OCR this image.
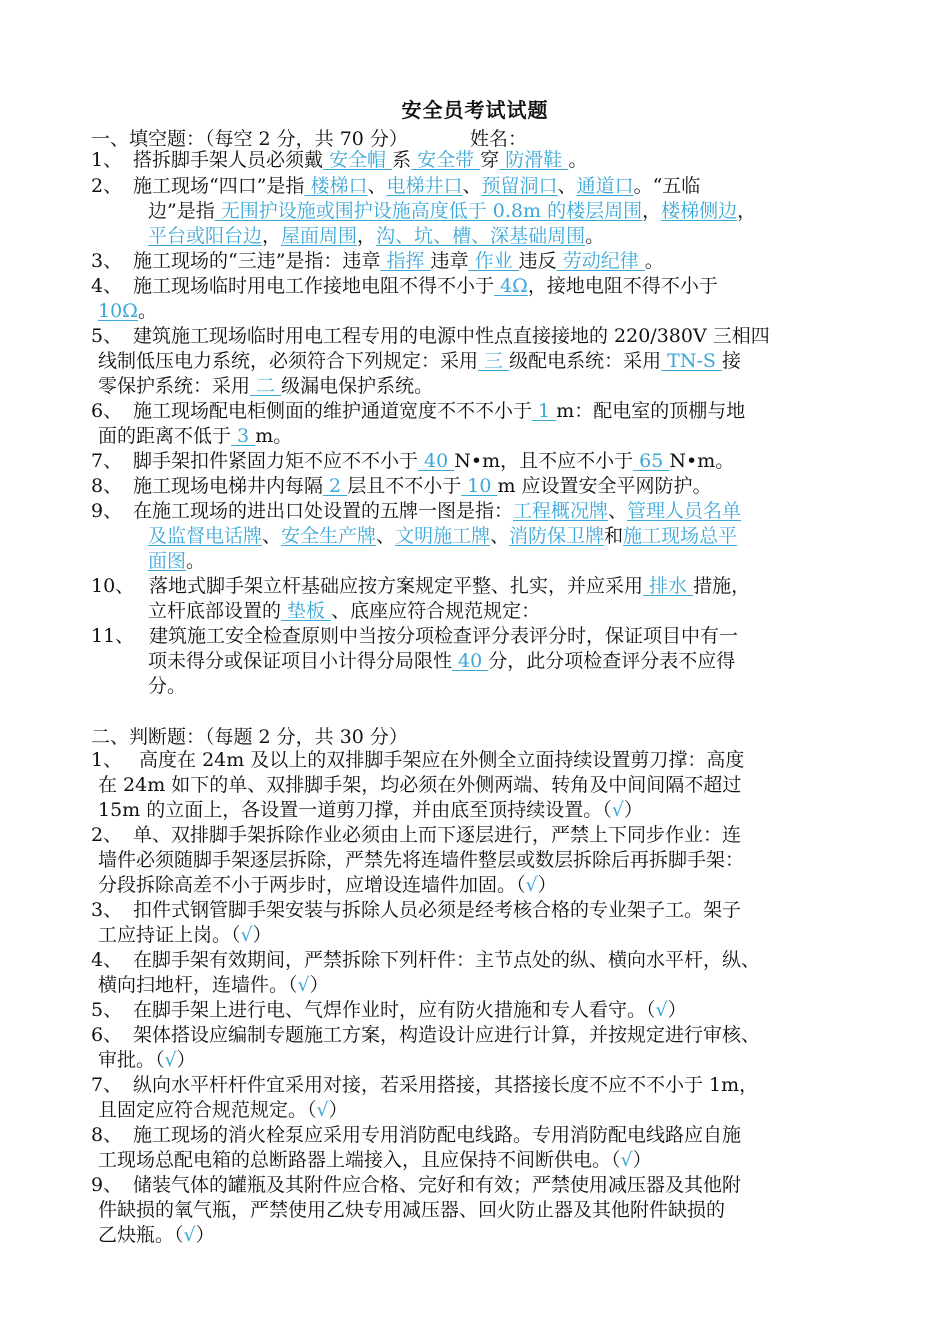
安全员考试试题
一、填空题：（每空 2 分，共 70 分）	姓名：
1、 搭拆脚手架人员必须戴 安全帽 系 安全带 穿 防滑鞋 。
2、 施工现场“四口”是指 楼梯口、电梯井口、预留洞口、通道口。“五临
边”是指 无围护设施或围护设施高度低于 0.8m 的楼层周围，楼梯侧边，
平台或阳台边，屋面周围，沟、坑、槽、深基础周围。
3、 施工现场的“三违”是指：违章 指挥 违章 作业 违反 劳动纪律 。
4、 施工现场临时用电工作接地电阻不得不小于 4Ω，接地电阻不得不小于
10Ω。
5、 建筑施工现场临时用电工程专用的电源中性点直接接地的 220/380V 三相四
线制低压电力系统，必须符合下列规定：采用 三 级配电系统：采用 TN-S 接
零保护系统：采用 二 级漏电保护系统。
6、 施工现场配电柜侧面的维护通道宽度不不不小于 1 m：配电室的顶棚与地
面的距离不低于 3 m。
7、 脚手架扣件紧固力矩不应不不小于 40 N•m，且不应不小于 65 N•m。
8、 施工现场电梯井内每隔 2 层且不不小于 10 m 应设置安全平网防护。
9、 在施工现场的进出口处设置的五牌一图是指：工程概况牌、管理人员名单
及监督电话牌、安全生产牌、文明施工牌、消防保卫牌和施工现场总平
面图。
10、 落地式脚手架立杆基础应按方案规定平整、扎实，并应采用 排水 措施，
立杆底部设置的 垫板 、底座应符合规范规定：
11、 建筑施工安全检查原则中当按分项检查评分表评分时，保证项目中有一
项未得分或保证项目小计得分局限性 40 分，此分项检查评分表不应得
分。
二、判断题：（每题 2 分，共 30 分）
1、 高度在 24m 及以上的双排脚手架应在外侧全立面持续设置剪刀撑：高度
在 24m 如下的单、双排脚手架，均必须在外侧两端、转角及中间间隔不超过
15m 的立面上，各设置一道剪刀撑，并由底至顶持续设置。（√）
2、 单、双排脚手架拆除作业必须由上而下逐层进行，严禁上下同步作业：连
墙件必须随脚手架逐层拆除，严禁先将连墙件整层或数层拆除后再拆脚手架：
分段拆除高差不小于两步时，应增设连墙件加固。（√）
3、 扣件式钢管脚手架安装与拆除人员必须是经考核合格的专业架子工。架子
工应持证上岗。（√）
4、 在脚手架有效期间，严禁拆除下列杆件：主节点处的纵、横向水平杆，纵、
横向扫地杆，连墙件。（√）
5、 在脚手架上进行电、气焊作业时，应有防火措施和专人看守。（√）
6、 架体搭设应编制专题施工方案，构造设计应进行计算，并按规定进行审核、
审批。（√）
7、 纵向水平杆杆件宜采用对接，若采用搭接，其搭接长度不应不不小于 1m，
且固定应符合规范规定。（√）
8、 施工现场的消火栓泵应采用专用消防配电线路。专用消防配电线路应自施
工现场总配电箱的总断路器上端接入，且应保持不间断供电。（√）
9、 储装气体的罐瓶及其附件应合格、完好和有效；严禁使用减压器及其他附
件缺损的氧气瓶，严禁使用乙炔专用减压器、回火防止器及其他附件缺损的
乙炔瓶。（√）
